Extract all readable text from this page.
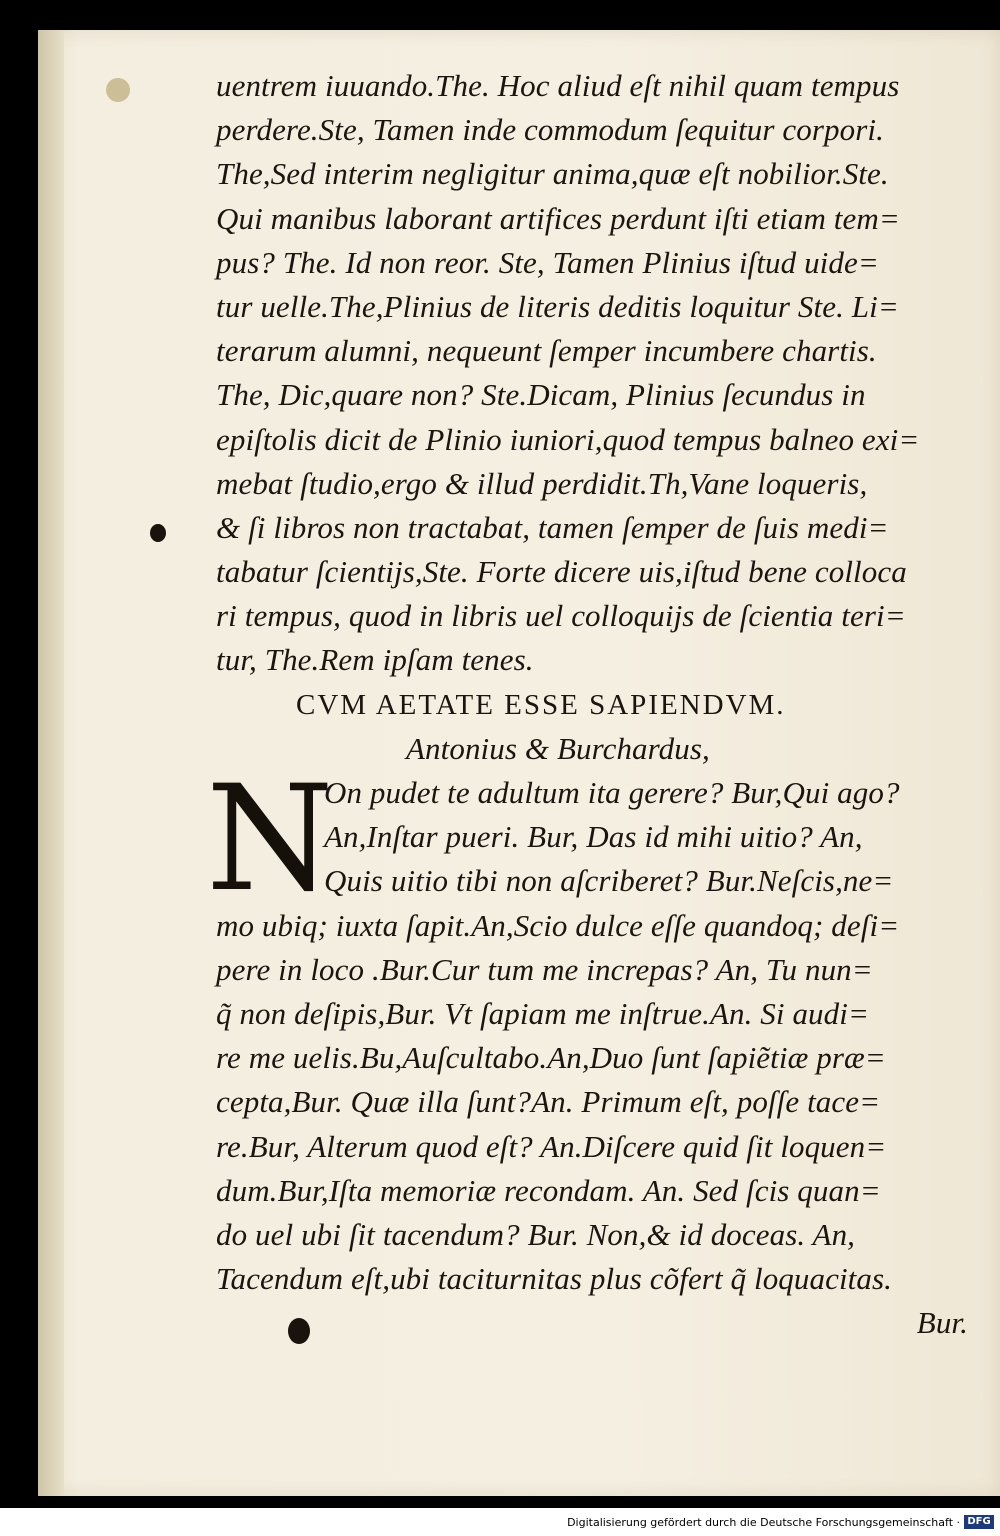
uentrem iuuando.The. Hoc aliud eſt nihil quam tempus
perdere.Ste, Tamen inde commodum ſequitur corpori.
The,Sed interim negligitur anima,quæ eſt nobilior.Ste.
Qui manibus laborant artifices perdunt iſti etiam tem=
pus? The. Id non reor. Ste, Tamen Plinius iſtud uide=
tur uelle.The,Plinius de literis deditis loquitur Ste. Li=
terarum alumni, nequeunt ſemper incumbere chartis.
The, Dic,quare non? Ste.Dicam, Plinius ſecundus in
epiſtolis dicit de Plinio iuniori,quod tempus balneo exi=
mebat ſtudio,ergo & illud perdidit.Th,Vane loqueris,
& ſi libros non tractabat, tamen ſemper de ſuis medi=
tabatur ſcientijs,Ste. Forte dicere uis,iſtud bene colloca
ri tempus, quod in libris uel colloquijs de ſcientia teri=
tur, The.Rem ipſam tenes.
CVM AETATE ESSE SAPIENDVM.
Antonius & Burchardus,
N
On pudet te adultum ita gerere? Bur,Qui ago?
An,Inſtar pueri. Bur, Das id mihi uitio? An,
Quis uitio tibi non aſcriberet? Bur.Neſcis,ne=
mo ubiq; iuxta ſapit.An,Scio dulce eſſe quandoq; deſi=
pere in loco .Bur.Cur tum me increpas? An, Tu nun=
q̃ non deſipis,Bur. Vt ſapiam me inſtrue.An. Si audi=
re me uelis.Bu,Auſcultabo.An,Duo ſunt ſapiẽtiæ præ=
cepta,Bur. Quæ illa ſunt?An. Primum eſt, poſſe tace=
re.Bur, Alterum quod eſt? An.Diſcere quid ſit loquen=
dum.Bur,Iſta memoriæ recondam. An. Sed ſcis quan=
do uel ubi ſit tacendum? Bur. Non,& id doceas. An,
Tacendum eſt,ubi taciturnitas plus cõfert q̃ loquacitas.
Bur.
Digitalisierung gefördert durch die Deutsche Forschungsgemeinschaft · DFG
